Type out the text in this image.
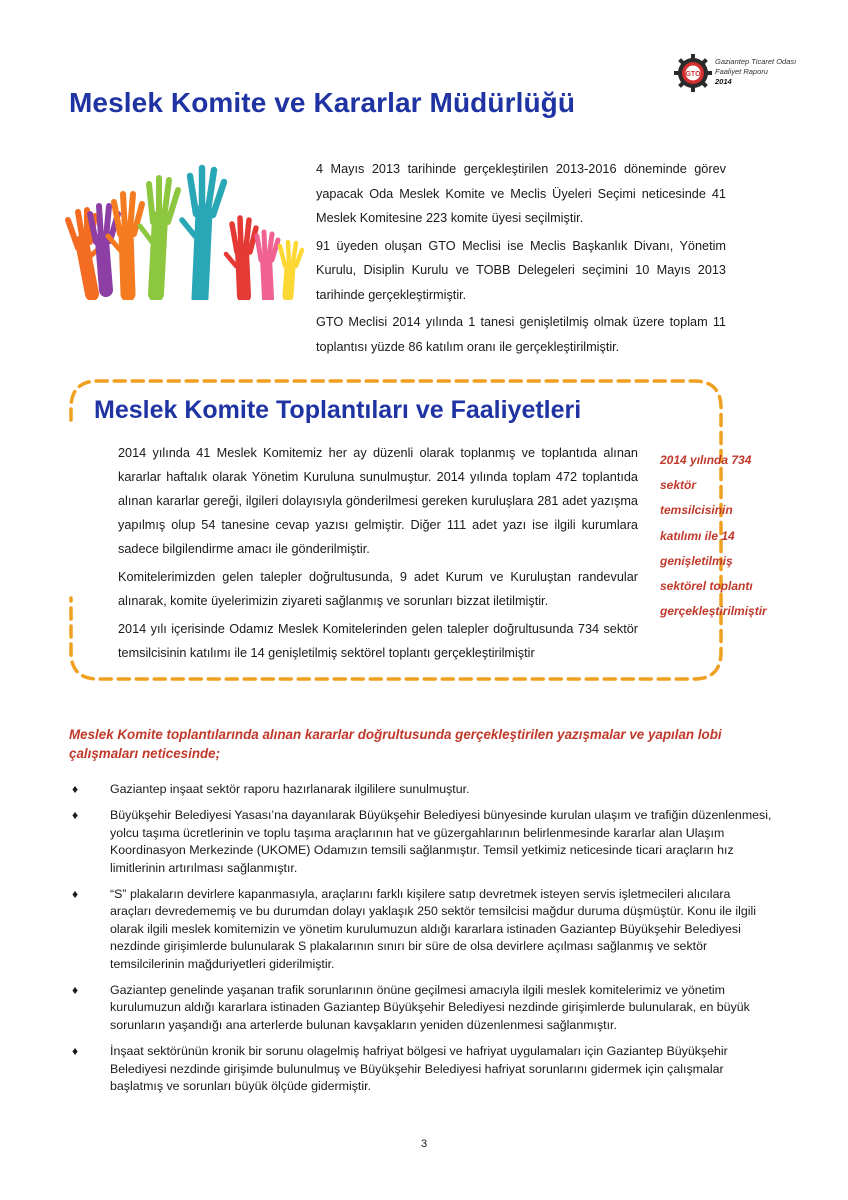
GTO
Gaziantep Ticaret Odası
Faaliyet Raporu
2014
Meslek Komite ve Kararlar Müdürlüğü

4 Mayıs 2013 tarihinde gerçekleştirilen 2013-2016 döneminde görev yapacak Oda Meslek Komite ve Meclis Üyeleri Seçimi neticesinde 41 Meslek Komitesine 223 komite üyesi seçilmiştir.

91 üyeden oluşan GTO Meclisi ise Meclis Başkanlık Divanı, Yönetim Kurulu, Disiplin Kurulu ve TOBB Delegeleri seçimini 10 Mayıs 2013 tarihinde gerçekleştirmiştir.

GTO Meclisi 2014 yılında 1 tanesi genişletilmiş olmak üzere toplam 11 toplantısı yüzde 86 katılım oranı ile gerçekleştirilmiştir.

Meslek Komite Toplantıları ve Faaliyetleri

2014 yılında 41 Meslek Komitemiz her ay düzenli olarak toplanmış ve toplantıda alınan kararlar haftalık olarak Yönetim Kuruluna sunulmuştur. 2014 yılında toplam 472 toplantıda alınan kararlar gereği, ilgileri dolayısıyla gönderilmesi gereken kuruluşlara 281 adet yazışma yapılmış olup 54 tanesine cevap yazısı gelmiştir. Diğer 111 adet yazı ise ilgili kurumlara sadece bilgilendirme amacı ile gönderilmiştir.

Komitelerimizden gelen talepler doğrultusunda, 9 adet Kurum ve Kuruluştan randevular alınarak, komite üyelerimizin ziyareti sağlanmış ve sorunları bizzat iletilmiştir.

2014 yılı içerisinde Odamız Meslek Komitelerinden gelen talepler doğrultusunda 734 sektör temsilcisinin katılımı ile 14 genişletilmiş sektörel toplantı gerçekleştirilmiştir

2014 yılında 734
sektör
temsilcisinin
katılımı ile 14
genişletilmiş
sektörel toplantı
gerçekleştirilmiştir
Meslek Komite toplantılarında alınan kararlar doğrultusunda gerçekleştirilen yazışmalar ve yapılan lobi çalışmaları neticesinde;
♦	Gaziantep inşaat sektör raporu hazırlanarak ilgililere sunulmuştur.
♦	Büyükşehir Belediyesi Yasası’na dayanılarak Büyükşehir Belediyesi bünyesinde kurulan ulaşım ve trafiğin düzenlenmesi, yolcu taşıma ücretlerinin ve toplu taşıma araçlarının hat ve güzergahlarının belirlenmesinde kararlar alan Ulaşım Koordinasyon Merkezinde (UKOME) Odamızın temsili sağlanmıştır. Temsil yetkimiz neticesinde ticari araçların hız limitlerinin artırılması sağlanmıştır.
♦	“S” plakaların devirlere kapanmasıyla, araçlarını farklı kişilere satıp devretmek isteyen servis işletmecileri alıcılara araçları devredememiş ve bu durumdan dolayı yaklaşık 250 sektör temsilcisi mağdur duruma düşmüştür. Konu ile ilgili olarak ilgili meslek komitemizin ve yönetim kurulumuzun aldığı kararlara istinaden Gaziantep Büyükşehir Belediyesi nezdinde girişimlerde bulunularak S plakalarının sınırı bir süre de olsa devirlere açılması sağlanmış ve sektör temsilcilerinin mağduriyetleri giderilmiştir.
♦	Gaziantep genelinde yaşanan trafik sorunlarının önüne geçilmesi amacıyla ilgili meslek komitelerimiz ve yönetim kurulumuzun aldığı kararlara istinaden Gaziantep Büyükşehir Belediyesi nezdinde girişimlerde bulunularak, en büyük sorunların yaşandığı ana arterlerde bulunan kavşakların yeniden düzenlenmesi sağlanmıştır.
♦	İnşaat sektörünün kronik bir sorunu olagelmiş hafriyat bölgesi ve hafriyat uygulamaları için Gaziantep Büyükşehir Belediyesi nezdinde girişimde bulunulmuş ve Büyükşehir Belediyesi hafriyat sorunlarını gidermek için çalışmalar başlatmış ve sorunları büyük ölçüde gidermiştir.
3
